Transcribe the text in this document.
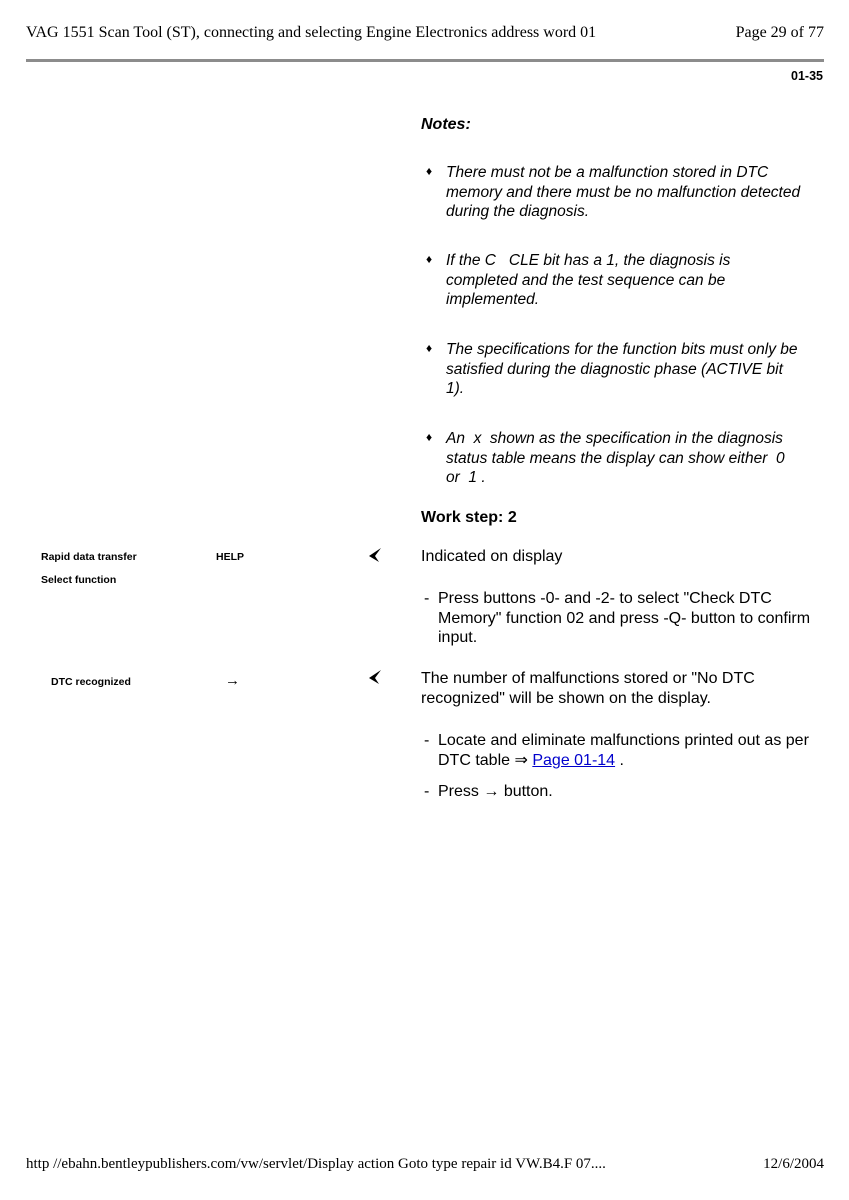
VAG 1551 Scan Tool (ST), connecting and selecting Engine Electronics address word 01	Page 29 of 77
01-35
Notes:
♦ There must not be a malfunction stored in DTC memory and there must be no malfunction detected during the diagnosis.
♦ If the C   CLE bit has a 1, the diagnosis is completed and the test sequence can be implemented.
♦ The specifications for the function bits must only be satisfied during the diagnostic phase (ACTIVE bit    1).
♦ An  x  shown as the specification in the diagnosis status table means the display can show either  0  or  1 .
Work step: 2
Rapid data transfer	HELP
Select function
Indicated on display
- Press buttons -0- and -2- to select "Check DTC Memory" function 02 and press -Q- button to confirm input.
DTC recognized	→	The number of malfunctions stored or "No DTC recognized" will be shown on the display.
- Locate and eliminate malfunctions printed out as per DTC table ⇒ Page 01-14 .
- Press → button.
http //ebahn.bentleypublishers.com/vw/servlet/Display action Goto type repair id VW.B4.F 07....	12/6/2004
